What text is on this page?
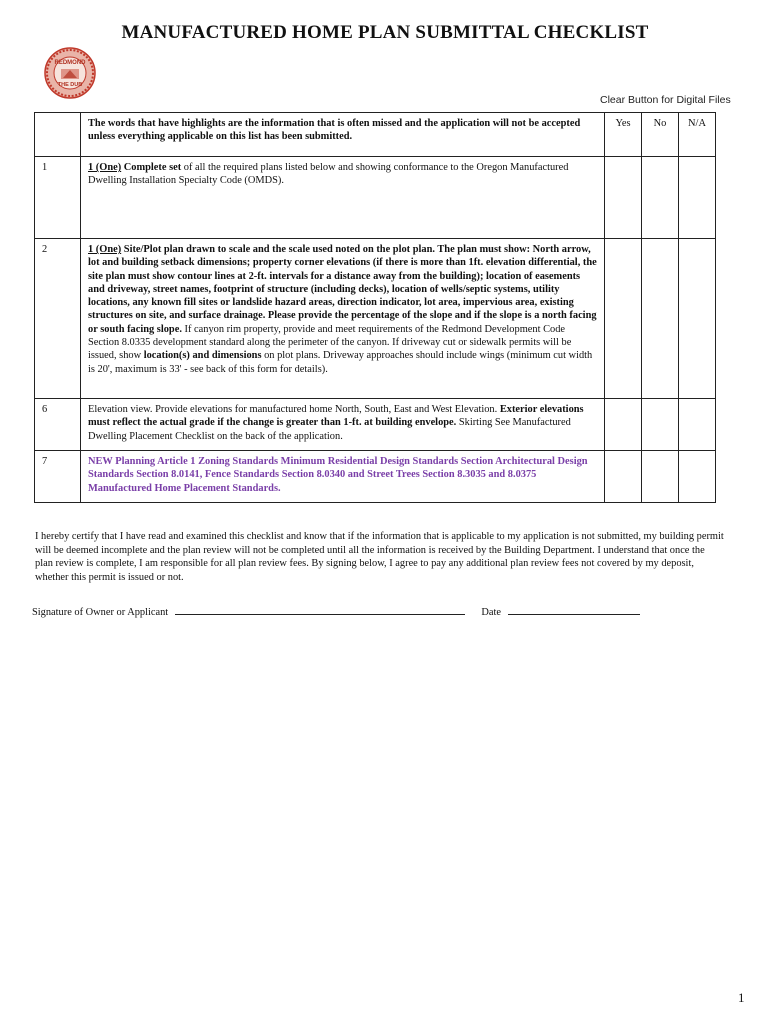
MANUFACTURED HOME PLAN SUBMITTAL CHECKLIST
REDMOND
THE DUB
Clear Button for Digital Files
	The words that have highlights are the information that is often missed and the application will not be accepted unless everything applicable on this list has been submitted.	Yes	No	N/A
1	1 (One) Complete set of all the required plans listed below and showing conformance to the Oregon Manufactured Dwelling Installation Specialty Code (OMDS).			
2	1 (One) Site/Plot plan drawn to scale and the scale used noted on the plot plan. The plan must show: North arrow, lot and building setback dimensions; property corner elevations (if there is more than 1ft. elevation differential, the site plan must show contour lines at 2-ft. intervals for a distance away from the building); location of easements and driveway, street names, footprint of structure (including decks), location of wells/septic systems, utility locations, any known fill sites or landslide hazard areas, direction indicator, lot area, impervious area, existing structures on site, and surface drainage. Please provide the percentage of the slope and if the slope is a north facing or south facing slope. If canyon rim property, provide and meet requirements of the Redmond Development Code Section 8.0335 development standard along the perimeter of the canyon. If driveway cut or sidewalk permits will be issued, show location(s) and dimensions on plot plans. Driveway approaches should include wings (minimum cut width is 20', maximum is 33' - see back of this form for details).			
6	Elevation view. Provide elevations for manufactured home North, South, East and West Elevation. Exterior elevations must reflect the actual grade if the change is greater than 1-ft. at building envelope. Skirting See Manufactured Dwelling Placement Checklist on the back of the application.			
7	NEW Planning Article 1 Zoning Standards Minimum Residential Design Standards Section Architectural Design Standards Section 8.0141, Fence Standards Section 8.0340 and Street Trees Section 8.3035 and 8.0375 Manufactured Home Placement Standards.			
I hereby certify that I have read and examined this checklist and know that if the information that is applicable to my application is not submitted, my building permit will be deemed incomplete and the plan review will not be completed until all the information is received by the Building Department. I understand that once the plan review is complete, I am responsible for all plan review fees. By signing below, I agree to pay any additional plan review fees not covered by my deposit, whether this permit is issued or not.
Signature of Owner or Applicant	Date
1
